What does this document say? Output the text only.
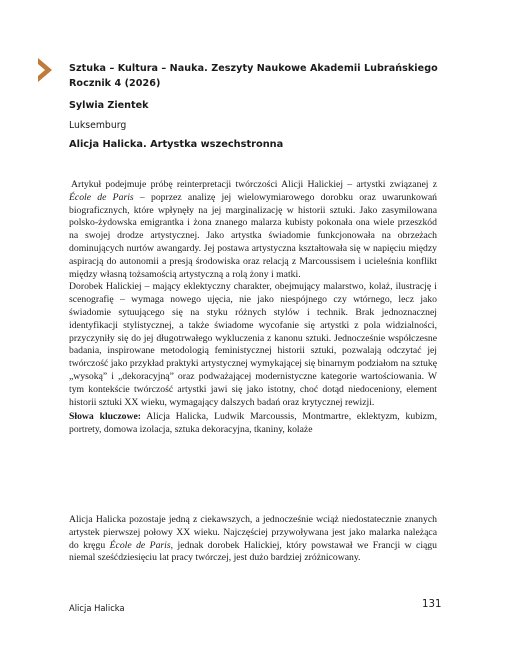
Sztuka – Kultura – Nauka. Zeszyty Naukowe Akademii Lubrańskiego
Rocznik 4 (2026)
Sylwia Zientek
Luksemburg
Alicja Halicka. Artystka wszechstronna

Artykuł podejmuje próbę reinterpretacji twórczości Alicji Halickiej – artystki związanej z École de Paris – poprzez analizę jej wielowymiarowego dorobku oraz uwarunkowań biograficznych, które wpłynęły na jej marginalizację w historii sztuki. Jako zasymilowana polsko-żydowska emigrantka i żona znanego malarza kubisty pokonała ona wiele przeszkód na swojej drodze artystycznej. Jako artystka świadomie funkcjonowała na obrzeżach dominujących nurtów awangardy. Jej postawa artystyczna kształtowała się w napięciu między aspiracją do autonomii a presją środowiska oraz relacją z Marcoussisem i ucieleśnia konflikt między własną tożsamością artystyczną a rolą żony i matki.

Dorobek Halickiej – mający eklektyczny charakter, obejmujący malarstwo, kolaż, ilustrację i scenografię – wymaga nowego ujęcia, nie jako niespójnego czy wtórnego, lecz jako świadomie sytuującego się na styku różnych stylów i technik. Brak jednoznacznej identyfikacji stylistycznej, a także świadome wycofanie się artystki z pola widzialności, przyczyniły się do jej długotrwałego wykluczenia z kanonu sztuki. Jednocześnie współczesne badania, inspirowane metodologią feministycznej historii sztuki, pozwalają odczytać jej twórczość jako przykład praktyki artystycznej wymykającej się binarnym podziałom na sztukę „wysoką” i „dekoracyjną” oraz podważającej modernistyczne kategorie wartościowania. W tym kontekście twórczość artystki jawi się jako istotny, choć dotąd niedoceniony, element historii sztuki XX wieku, wymagający dalszych badań oraz krytycznej rewizji.

Słowa kluczowe: Alicja Halicka, Ludwik Marcoussis, Montmartre, eklektyzm, kubizm, portrety, domowa izolacja, sztuka dekoracyjna, tkaniny, kolaże

Alicja Halicka pozostaje jedną z ciekawszych, a jednocześnie wciąż niedostatecznie znanych artystek pierwszej połowy XX wieku. Najczęściej przywoływana jest jako malarka należąca do kręgu École de Paris, jednak dorobek Halickiej, który powstawał we Francji w ciągu niemal sześćdziesięciu lat pracy twórczej, jest dużo bardziej zróżnicowany.

Alicja Halicka	131
